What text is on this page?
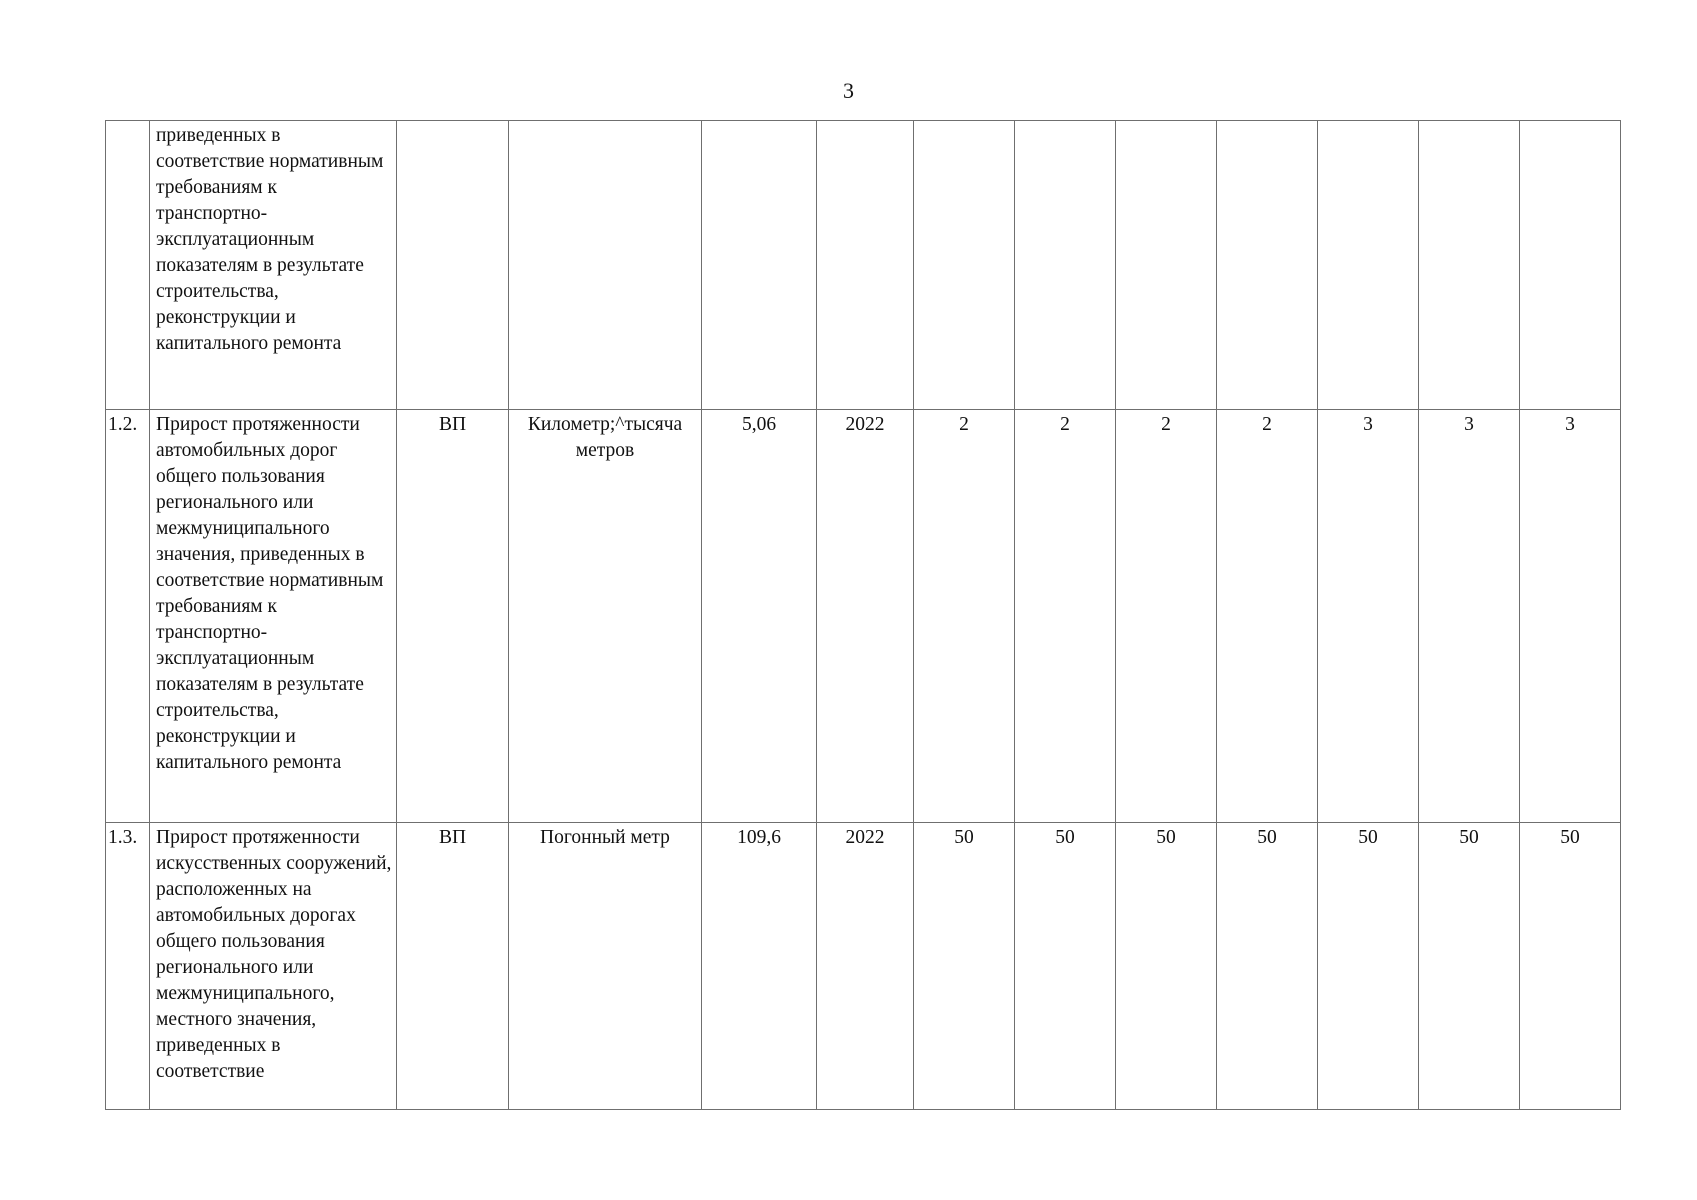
3
	приведенных в соответствие нормативным требованиям к транспортно-эксплуатационным показателям в результате строительства, реконструкции и капитального ремонта											
1.2.	Прирост протяженности автомобильных дорог общего пользования регионального или межмуниципального значения, приведенных в соответствие нормативным требованиям к транспортно-эксплуатационным показателям в результате строительства, реконструкции и капитального ремонта	ВП	Километр;^тысяча метров	5,06	2022	2	2	2	2	3	3	3
1.3.	Прирост протяженности искусственных сооружений, расположенных на автомобильных дорогах общего пользования регионального или межмуниципального, местного значения, приведенных в соответствие	ВП	Погонный метр	109,6	2022	50	50	50	50	50	50	50
